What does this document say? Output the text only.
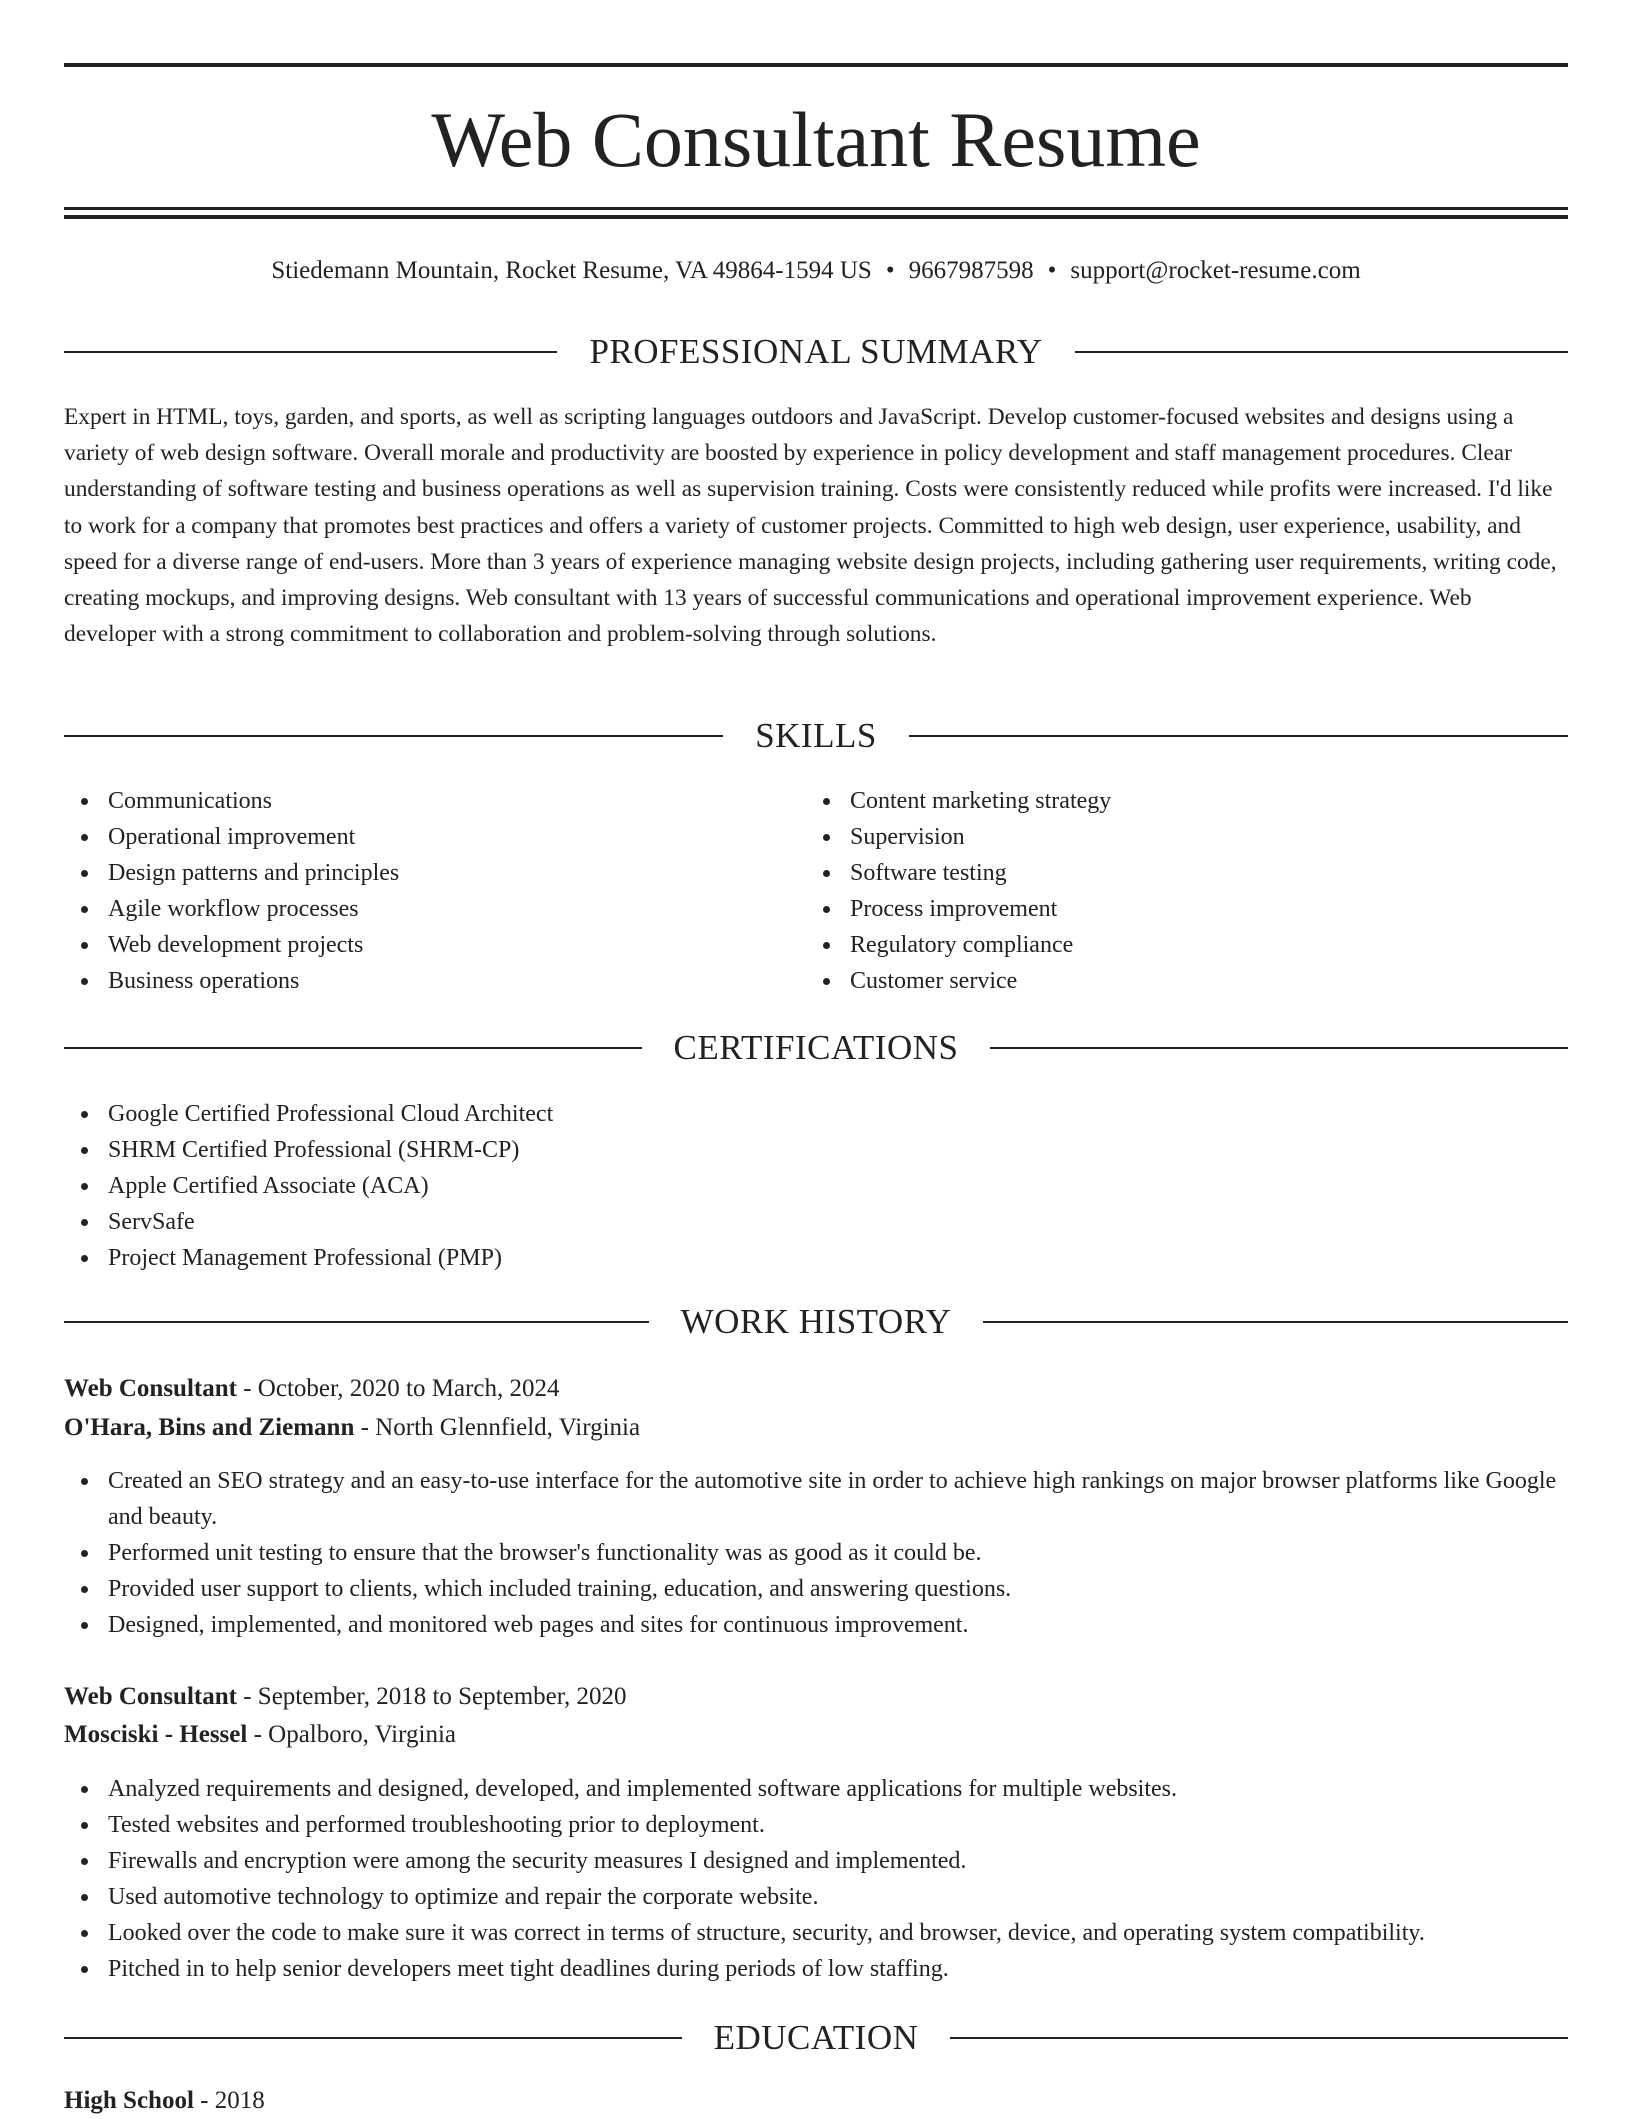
Web Consultant Resume
Stiedemann Mountain, Rocket Resume, VA 49864-1594 US • 9667987598 • support@rocket-resume.com
PROFESSIONAL SUMMARY

Expert in HTML, toys, garden, and sports, as well as scripting languages outdoors and JavaScript. Develop customer-focused websites and designs using a variety of web design software. Overall morale and productivity are boosted by experience in policy development and staff management procedures. Clear understanding of software testing and business operations as well as supervision training. Costs were consistently reduced while profits were increased. I'd like to work for a company that promotes best practices and offers a variety of customer projects. Committed to high web design, user experience, usability, and speed for a diverse range of end-users. More than 3 years of experience managing website design projects, including gathering user requirements, writing code, creating mockups, and improving designs. Web consultant with 13 years of successful communications and operational improvement experience. Web developer with a strong commitment to collaboration and problem-solving through solutions.

SKILLS
Communications
Operational improvement
Design patterns and principles
Agile workflow processes
Web development projects
Business operations
Content marketing strategy
Supervision
Software testing
Process improvement
Regulatory compliance
Customer service
CERTIFICATIONS
Google Certified Professional Cloud Architect
SHRM Certified Professional (SHRM-CP)
Apple Certified Associate (ACA)
ServSafe
Project Management Professional (PMP)
WORK HISTORY
Web Consultant - October, 2020 to March, 2024
O'Hara, Bins and Ziemann - North Glennfield, Virginia
Created an SEO strategy and an easy-to-use interface for the automotive site in order to achieve high rankings on major browser platforms like Google and beauty.
Performed unit testing to ensure that the browser's functionality was as good as it could be.
Provided user support to clients, which included training, education, and answering questions.
Designed, implemented, and monitored web pages and sites for continuous improvement.
Web Consultant - September, 2018 to September, 2020
Mosciski - Hessel - Opalboro, Virginia
Analyzed requirements and designed, developed, and implemented software applications for multiple websites.
Tested websites and performed troubleshooting prior to deployment.
Firewalls and encryption were among the security measures I designed and implemented.
Used automotive technology to optimize and repair the corporate website.
Looked over the code to make sure it was correct in terms of structure, security, and browser, device, and operating system compatibility.
Pitched in to help senior developers meet tight deadlines during periods of low staffing.
EDUCATION
High School - 2018
